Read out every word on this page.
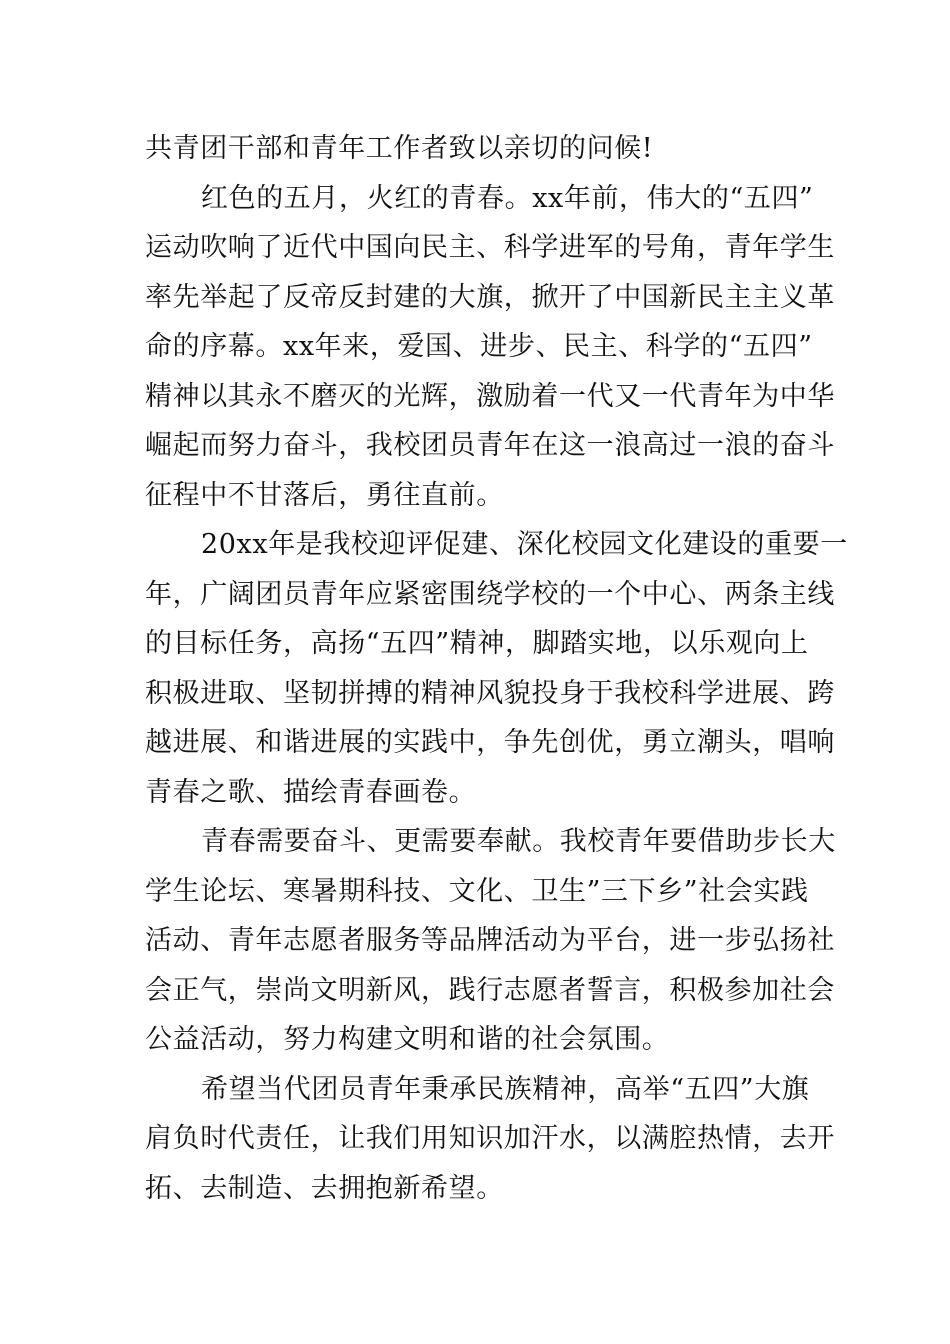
共青团干部和青年工作者致以亲切的问候!
红色的五月，火红的青春。xx年前，伟大的“五四”
运动吹响了近代中国向民主、科学进军的号角，青年学生
率先举起了反帝反封建的大旗，掀开了中国新民主主义革
命的序幕。xx年来，爱国、进步、民主、科学的“五四”
精神以其永不磨灭的光辉，激励着一代又一代青年为中华
崛起而努力奋斗，我校团员青年在这一浪高过一浪的奋斗
征程中不甘落后，勇往直前。
20xx年是我校迎评促建、深化校园文化建设的重要一
年，广阔团员青年应紧密围绕学校的一个中心、两条主线
的目标任务，高扬“五四”精神，脚踏实地，以乐观向上
积极进取、坚韧拼搏的精神风貌投身于我校科学进展、跨
越进展、和谐进展的实践中，争先创优，勇立潮头，唱响
青春之歌、描绘青春画卷。
青春需要奋斗、更需要奉献。我校青年要借助步长大
学生论坛、寒暑期科技、文化、卫生”三下乡”社会实践
活动、青年志愿者服务等品牌活动为平台，进一步弘扬社
会正气，崇尚文明新风，践行志愿者誓言，积极参加社会
公益活动，努力构建文明和谐的社会氛围。
希望当代团员青年秉承民族精神，高举“五四”大旗
肩负时代责任，让我们用知识加汗水，以满腔热情，去开
拓、去制造、去拥抱新希望。
